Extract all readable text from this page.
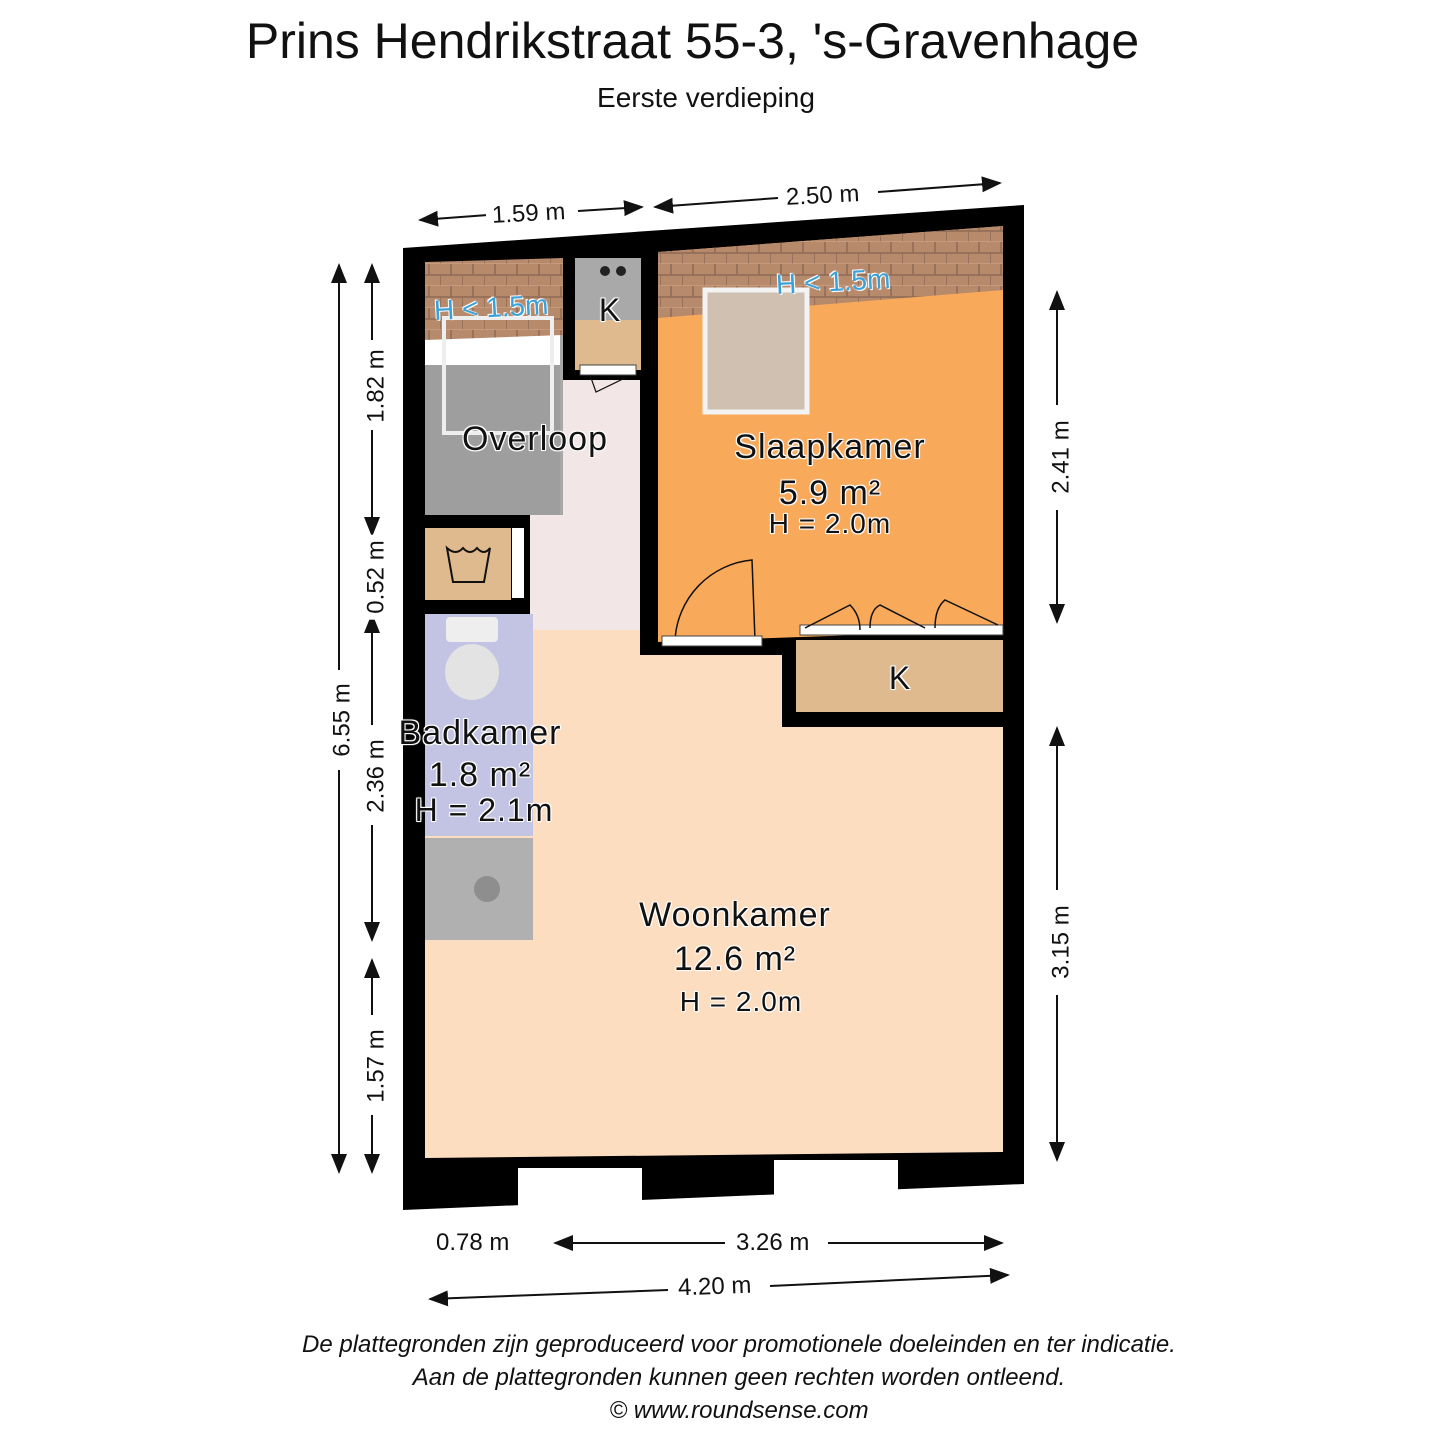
Prins Hendrikstraat 55-3, 's-Gravenhage
Eerste verdieping
1.59 m
2.50 m
6.55 m
1.82 m
0.52 m
2.36 m
1.57 m
2.41 m
3.15 m
0.78 m	3.26 m
4.20 m
H < 1.5m
Overloop
K
H < 1.5m
Slaapkamer
5.9 m²
H = 2.0m
K
Badkamer
1.8 m²
H = 2.1m
Woonkamer
12.6 m²
H = 2.0m
De plattegronden zijn geproduceerd voor promotionele doeleinden en ter indicatie.
Aan de plattegronden kunnen geen rechten worden ontleend.
© www.roundsense.com
